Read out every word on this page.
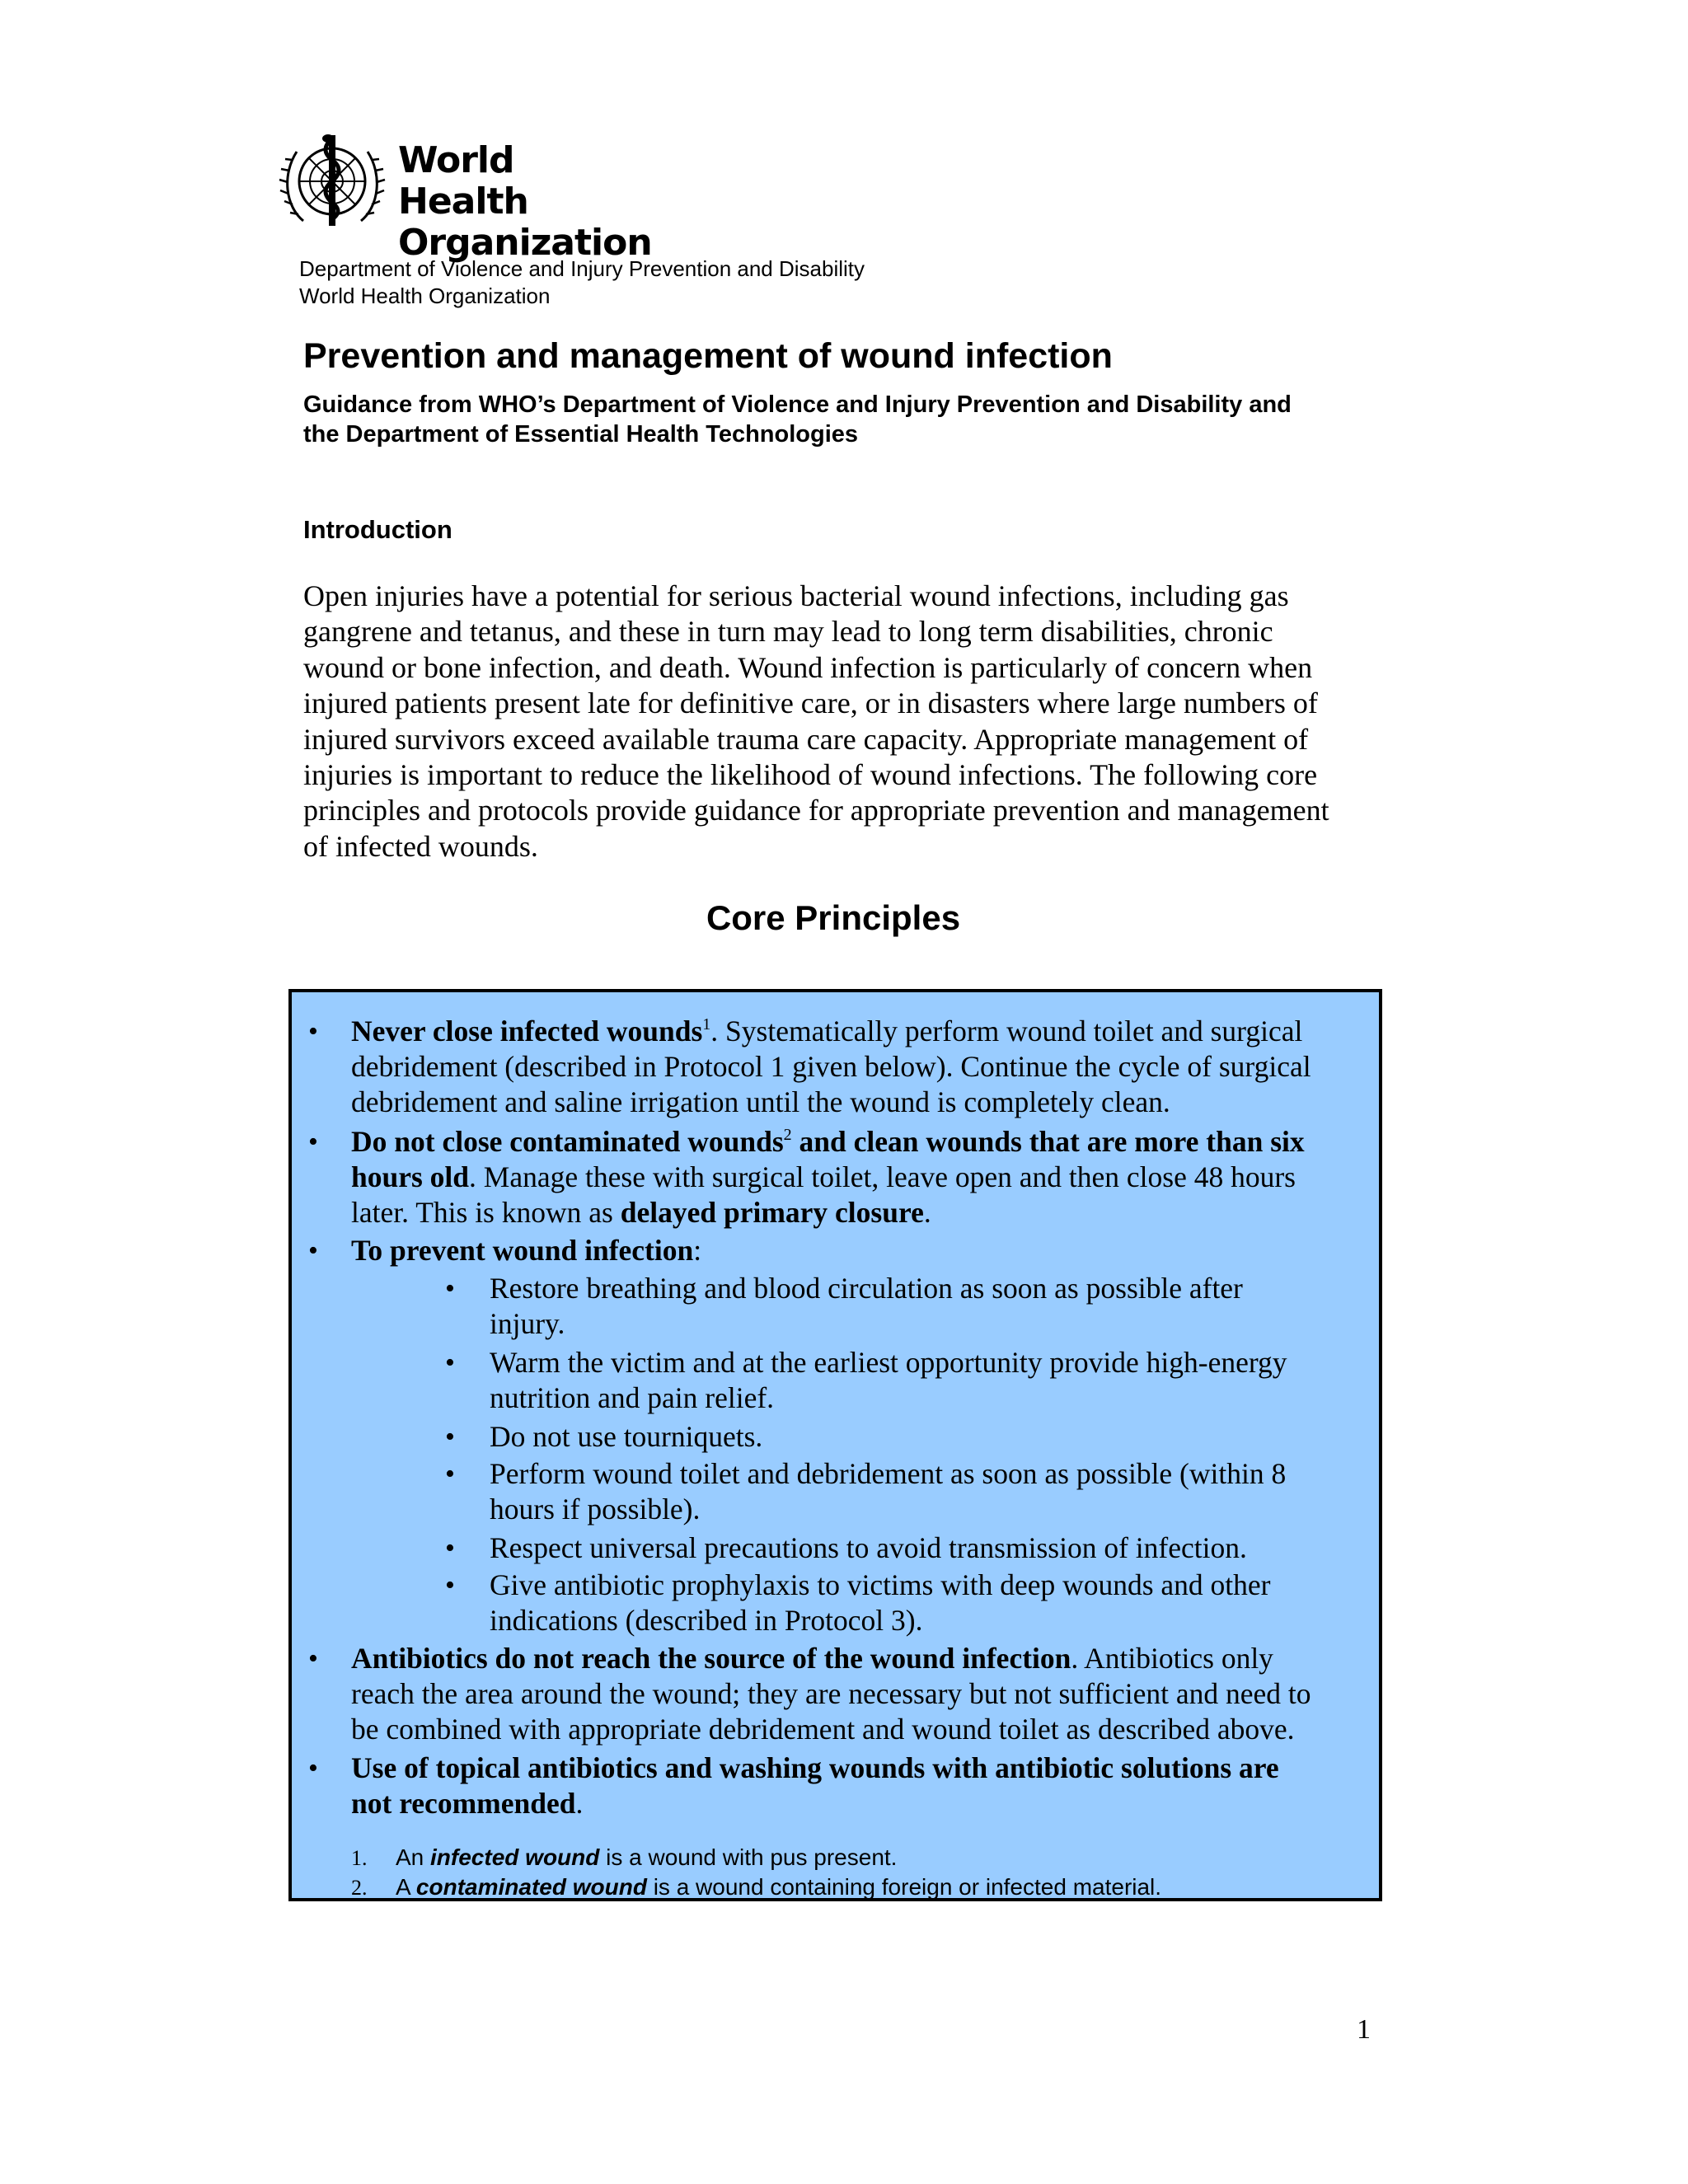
World Health
Organization
Department of Violence and Injury Prevention and Disability
World Health Organization
Prevention and management of wound infection
Guidance from WHO’s Department of Violence and Injury Prevention and Disability and
the Department of Essential Health Technologies
Introduction
Open injuries have a potential for serious bacterial wound infections, including gas
gangrene and tetanus, and these in turn may lead to long term disabilities, chronic
wound or bone infection, and death. Wound infection is particularly of concern when
injured patients present late for definitive care, or in disasters where large numbers of
injured survivors exceed available trauma care capacity. Appropriate management of
injuries is important to reduce the likelihood of wound infections. The following core
principles and protocols provide guidance for appropriate prevention and management
of infected wounds.
Core Principles
• Never close infected wounds$^1$. Systematically perform wound toilet and surgical
debridement (described in Protocol 1 given below). Continue the cycle of surgical
debridement and saline irrigation until the wound is completely clean.
• Do not close contaminated wounds$^2$ and clean wounds that are more than six
hours old. Manage these with surgical toilet, leave open and then close 48 hours
later. This is known as delayed primary closure.
• To prevent wound infection:
• Restore breathing and blood circulation as soon as possible after
injury.
• Warm the victim and at the earliest opportunity provide high-energy
nutrition and pain relief.
• Do not use tourniquets.
• Perform wound toilet and debridement as soon as possible (within 8
hours if possible).
• Respect universal precautions to avoid transmission of infection.
• Give antibiotic prophylaxis to victims with deep wounds and other
indications (described in Protocol 3).
• Antibiotics do not reach the source of the wound infection. Antibiotics only
reach the area around the wound; they are necessary but not sufficient and need to
be combined with appropriate debridement and wound toilet as described above.
• Use of topical antibiotics and washing wounds with antibiotic solutions are
not recommended.
1. An infected wound is a wound with pus present.
2. A contaminated wound is a wound containing foreign or infected material.
1
